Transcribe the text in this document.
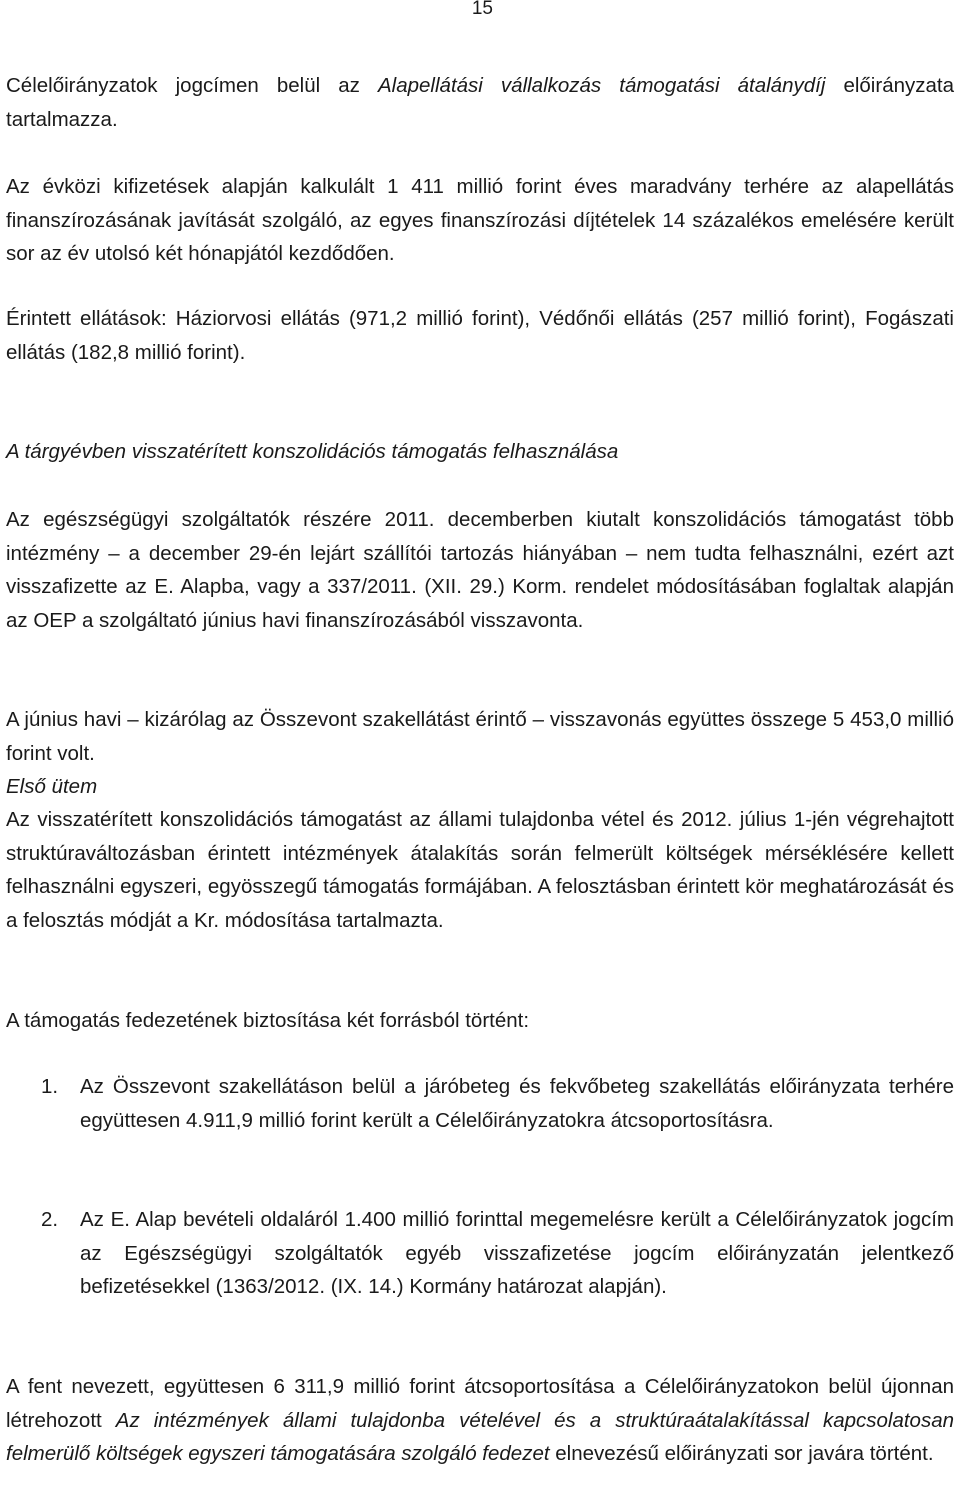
15

Célelőirányzatok jogcímen belül az Alapellátási vállalkozás támogatási átalánydíj előirányzata tartalmazza.

Az évközi kifizetések alapján kalkulált 1 411 millió forint éves maradvány terhére az alapellátás finanszírozásának javítását szolgáló, az egyes finanszírozási díjtételek 14 százalékos emelésére került sor az év utolsó két hónapjától kezdődően.

Érintett ellátások: Háziorvosi ellátás (971,2 millió forint), Védőnői ellátás (257 millió forint), Fogászati ellátás (182,8 millió forint).

A tárgyévben visszatérített konszolidációs támogatás felhasználása

Az egészségügyi szolgáltatók részére 2011. decemberben kiutalt konszolidációs támogatást több intézmény – a december 29-én lejárt szállítói tartozás hiányában – nem tudta felhasználni, ezért azt visszafizette az E. Alapba, vagy a 337/2011. (XII. 29.) Korm. rendelet módosításában foglaltak alapján az OEP a szolgáltató június havi finanszírozásából visszavonta.

A június havi – kizárólag az Összevont szakellátást érintő – visszavonás együttes összege 5 453,0 millió forint volt.

Első ütem

Az visszatérített konszolidációs támogatást az állami tulajdonba vétel és 2012. július 1-jén végrehajtott struktúraváltozásban érintett intézmények átalakítás során felmerült költségek mérséklésére kellett felhasználni egyszeri, egyösszegű támogatás formájában. A felosztásban érintett kör meghatározását és a felosztás módját a Kr. módosítása tartalmazta.

A támogatás fedezetének biztosítása két forrásból történt:

1. Az Összevont szakellátáson belül a járóbeteg és fekvőbeteg szakellátás előirányzata terhére együttesen 4.911,9 millió forint került a Célelőirányzatokra átcsoportosításra.
2. Az E. Alap bevételi oldaláról 1.400 millió forinttal megemelésre került a Célelőirányzatok jogcím az Egészségügyi szolgáltatók egyéb visszafizetése jogcím előirányzatán jelentkező befizetésekkel (1363/2012. (IX. 14.) Kormány határozat alapján).

A fent nevezett, együttesen 6 311,9 millió forint átcsoportosítása a Célelőirányzatokon belül újonnan létrehozott Az intézmények állami tulajdonba vételével és a struktúraátalakítással kapcsolatosan felmerülő költségek egyszeri támogatására szolgáló fedezet elnevezésű előirányzati sor javára történt.
